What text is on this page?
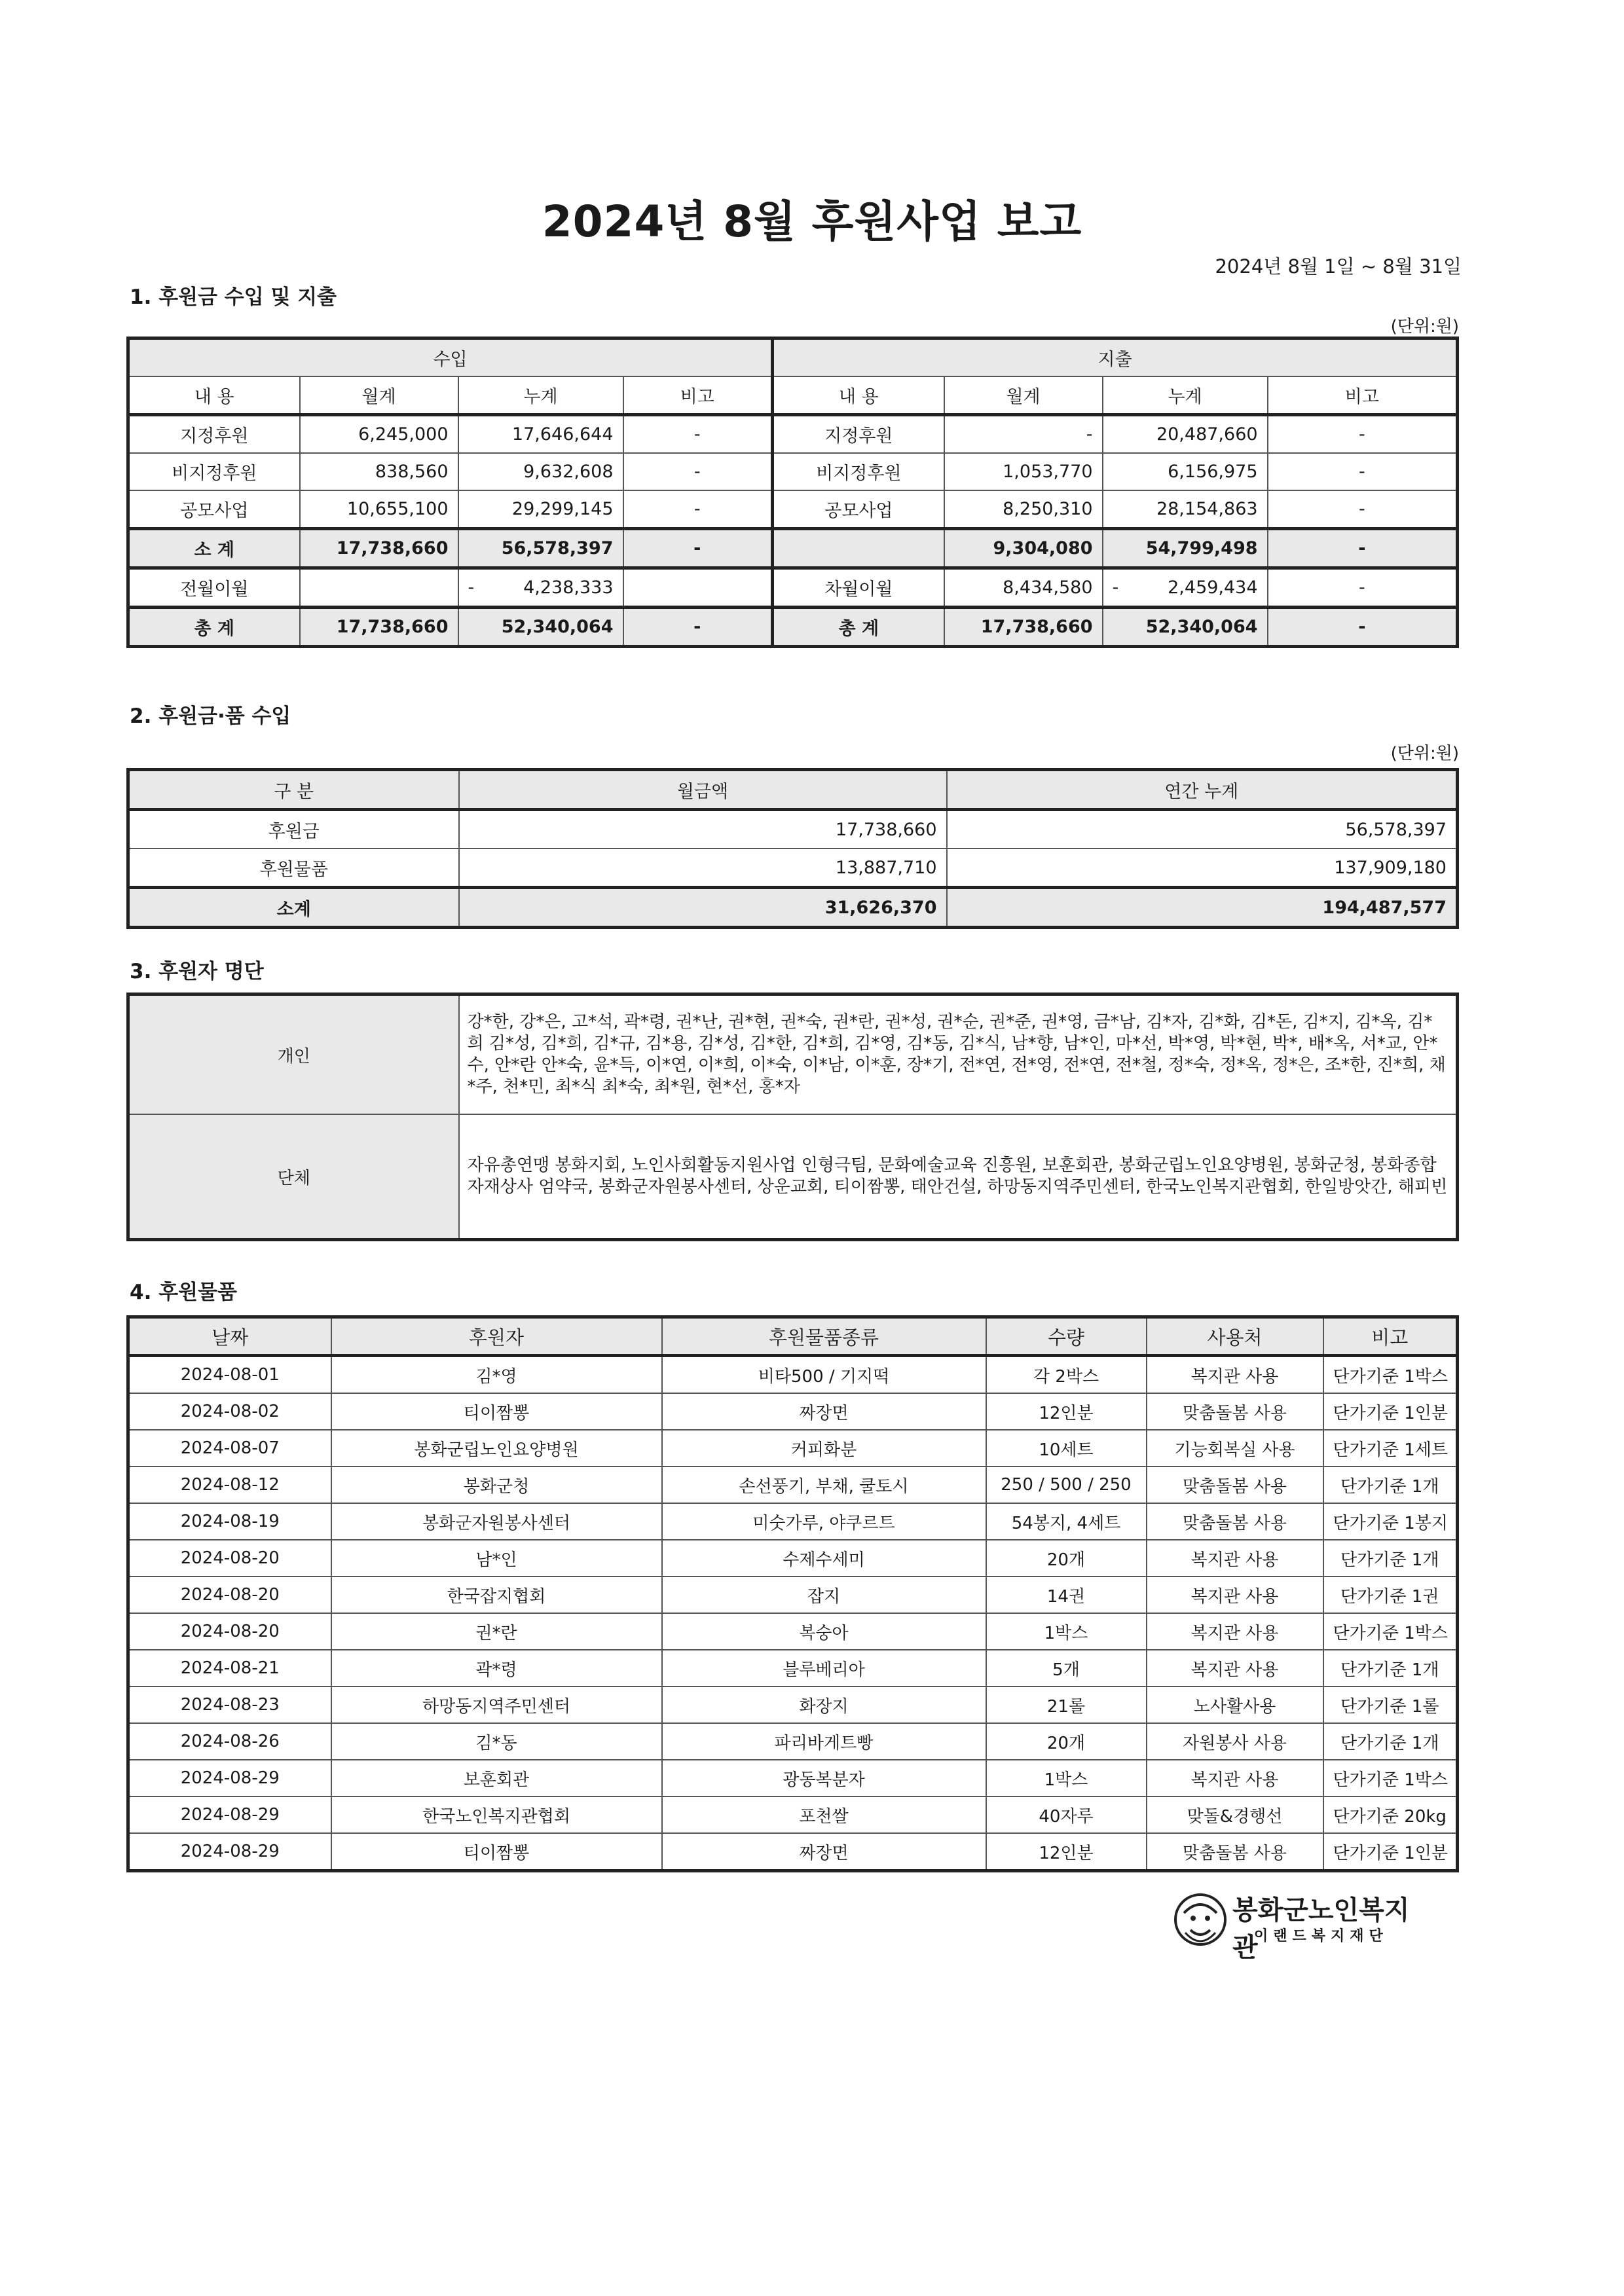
2024년 8월 후원사업 보고
2024년 8월 1일 ~ 8월 31일
1. 후원금 수입 및 지출
(단위:원)
수입				지출			
내 용	월계	누계	비고	내 용	월계	누계	비고
지정후원	6,245,000	17,646,644	-	지정후원	-	20,487,660	-
비지정후원	838,560	9,632,608	-	비지정후원	1,053,770	6,156,975	-
공모사업	10,655,100	29,299,145	-	공모사업	8,250,310	28,154,863	-
소 계	17,738,660	56,578,397	-		9,304,080	54,799,498	-
전월이월		- 4,238,333		차월이월	8,434,580	- 2,459,434	-
총 계	17,738,660	52,340,064	-	총 계	17,738,660	52,340,064	-
2. 후원금·품 수입
(단위:원)
구 분	월금액	연간 누계
후원금	17,738,660	56,578,397
후원물품	13,887,710	137,909,180
소계	31,626,370	194,487,577
3. 후원자 명단
개인	강*한, 강*은, 고*석, 곽*령, 권*난, 권*현, 권*숙, 권*란, 권*성, 권*순, 권*준, 권*영, 금*남, 김*자, 김*화, 김*돈, 김*지, 김*옥, 김*희 김*성, 김*희, 김*규, 김*용, 김*성, 김*한, 김*희, 김*영, 김*동, 김*식, 남*향, 남*인, 마*선, 박*영, 박*현, 박*, 배*옥, 서*교, 안*수, 안*란 안*숙, 윤*득, 이*연, 이*희, 이*숙, 이*남, 이*훈, 장*기, 전*연, 전*영, 전*연, 전*철, 정*숙, 정*옥, 정*은, 조*한, 진*희, 채*주, 천*민, 최*식 최*숙, 최*원, 현*선, 홍*자
단체	자유총연맹 봉화지회, 노인사회활동지원사업 인형극팀, 문화예술교육 진흥원, 보훈회관, 봉화군립노인요양병원, 봉화군청, 봉화종합자재상사 엄약국, 봉화군자원봉사센터, 상운교회, 티이짬뽕, 태안건설, 하망동지역주민센터, 한국노인복지관협회, 한일방앗간, 해피빈
4. 후원물품
날짜	후원자	후원물품종류	수량	사용처	비고
2024-08-01	김*영	비타500 / 기지떡	각 2박스	복지관 사용	단가기준 1박스
2024-08-02	티이짬뽕	짜장면	12인분	맞춤돌봄 사용	단가기준 1인분
2024-08-07	봉화군립노인요양병원	커피화분	10세트	기능회복실 사용	단가기준 1세트
2024-08-12	봉화군청	손선풍기, 부채, 쿨토시	250 / 500 / 250	맞춤돌봄 사용	단가기준 1개
2024-08-19	봉화군자원봉사센터	미숫가루, 야쿠르트	54봉지, 4세트	맞춤돌봄 사용	단가기준 1봉지
2024-08-20	남*인	수제수세미	20개	복지관 사용	단가기준 1개
2024-08-20	한국잡지협회	잡지	14권	복지관 사용	단가기준 1권
2024-08-20	권*란	복숭아	1박스	복지관 사용	단가기준 1박스
2024-08-21	곽*령	블루베리아	5개	복지관 사용	단가기준 1개
2024-08-23	하망동지역주민센터	화장지	21롤	노사활사용	단가기준 1롤
2024-08-26	김*동	파리바게트빵	20개	자원봉사 사용	단가기준 1개
2024-08-29	보훈회관	광동복분자	1박스	복지관 사용	단가기준 1박스
2024-08-29	한국노인복지관협회	포천쌀	40자루	맞돌&경행선	단가기준 20kg
2024-08-29	티이짬뽕	짜장면	12인분	맞춤돌봄 사용	단가기준 1인분
봉화군노인복지관
이랜드복지재단
